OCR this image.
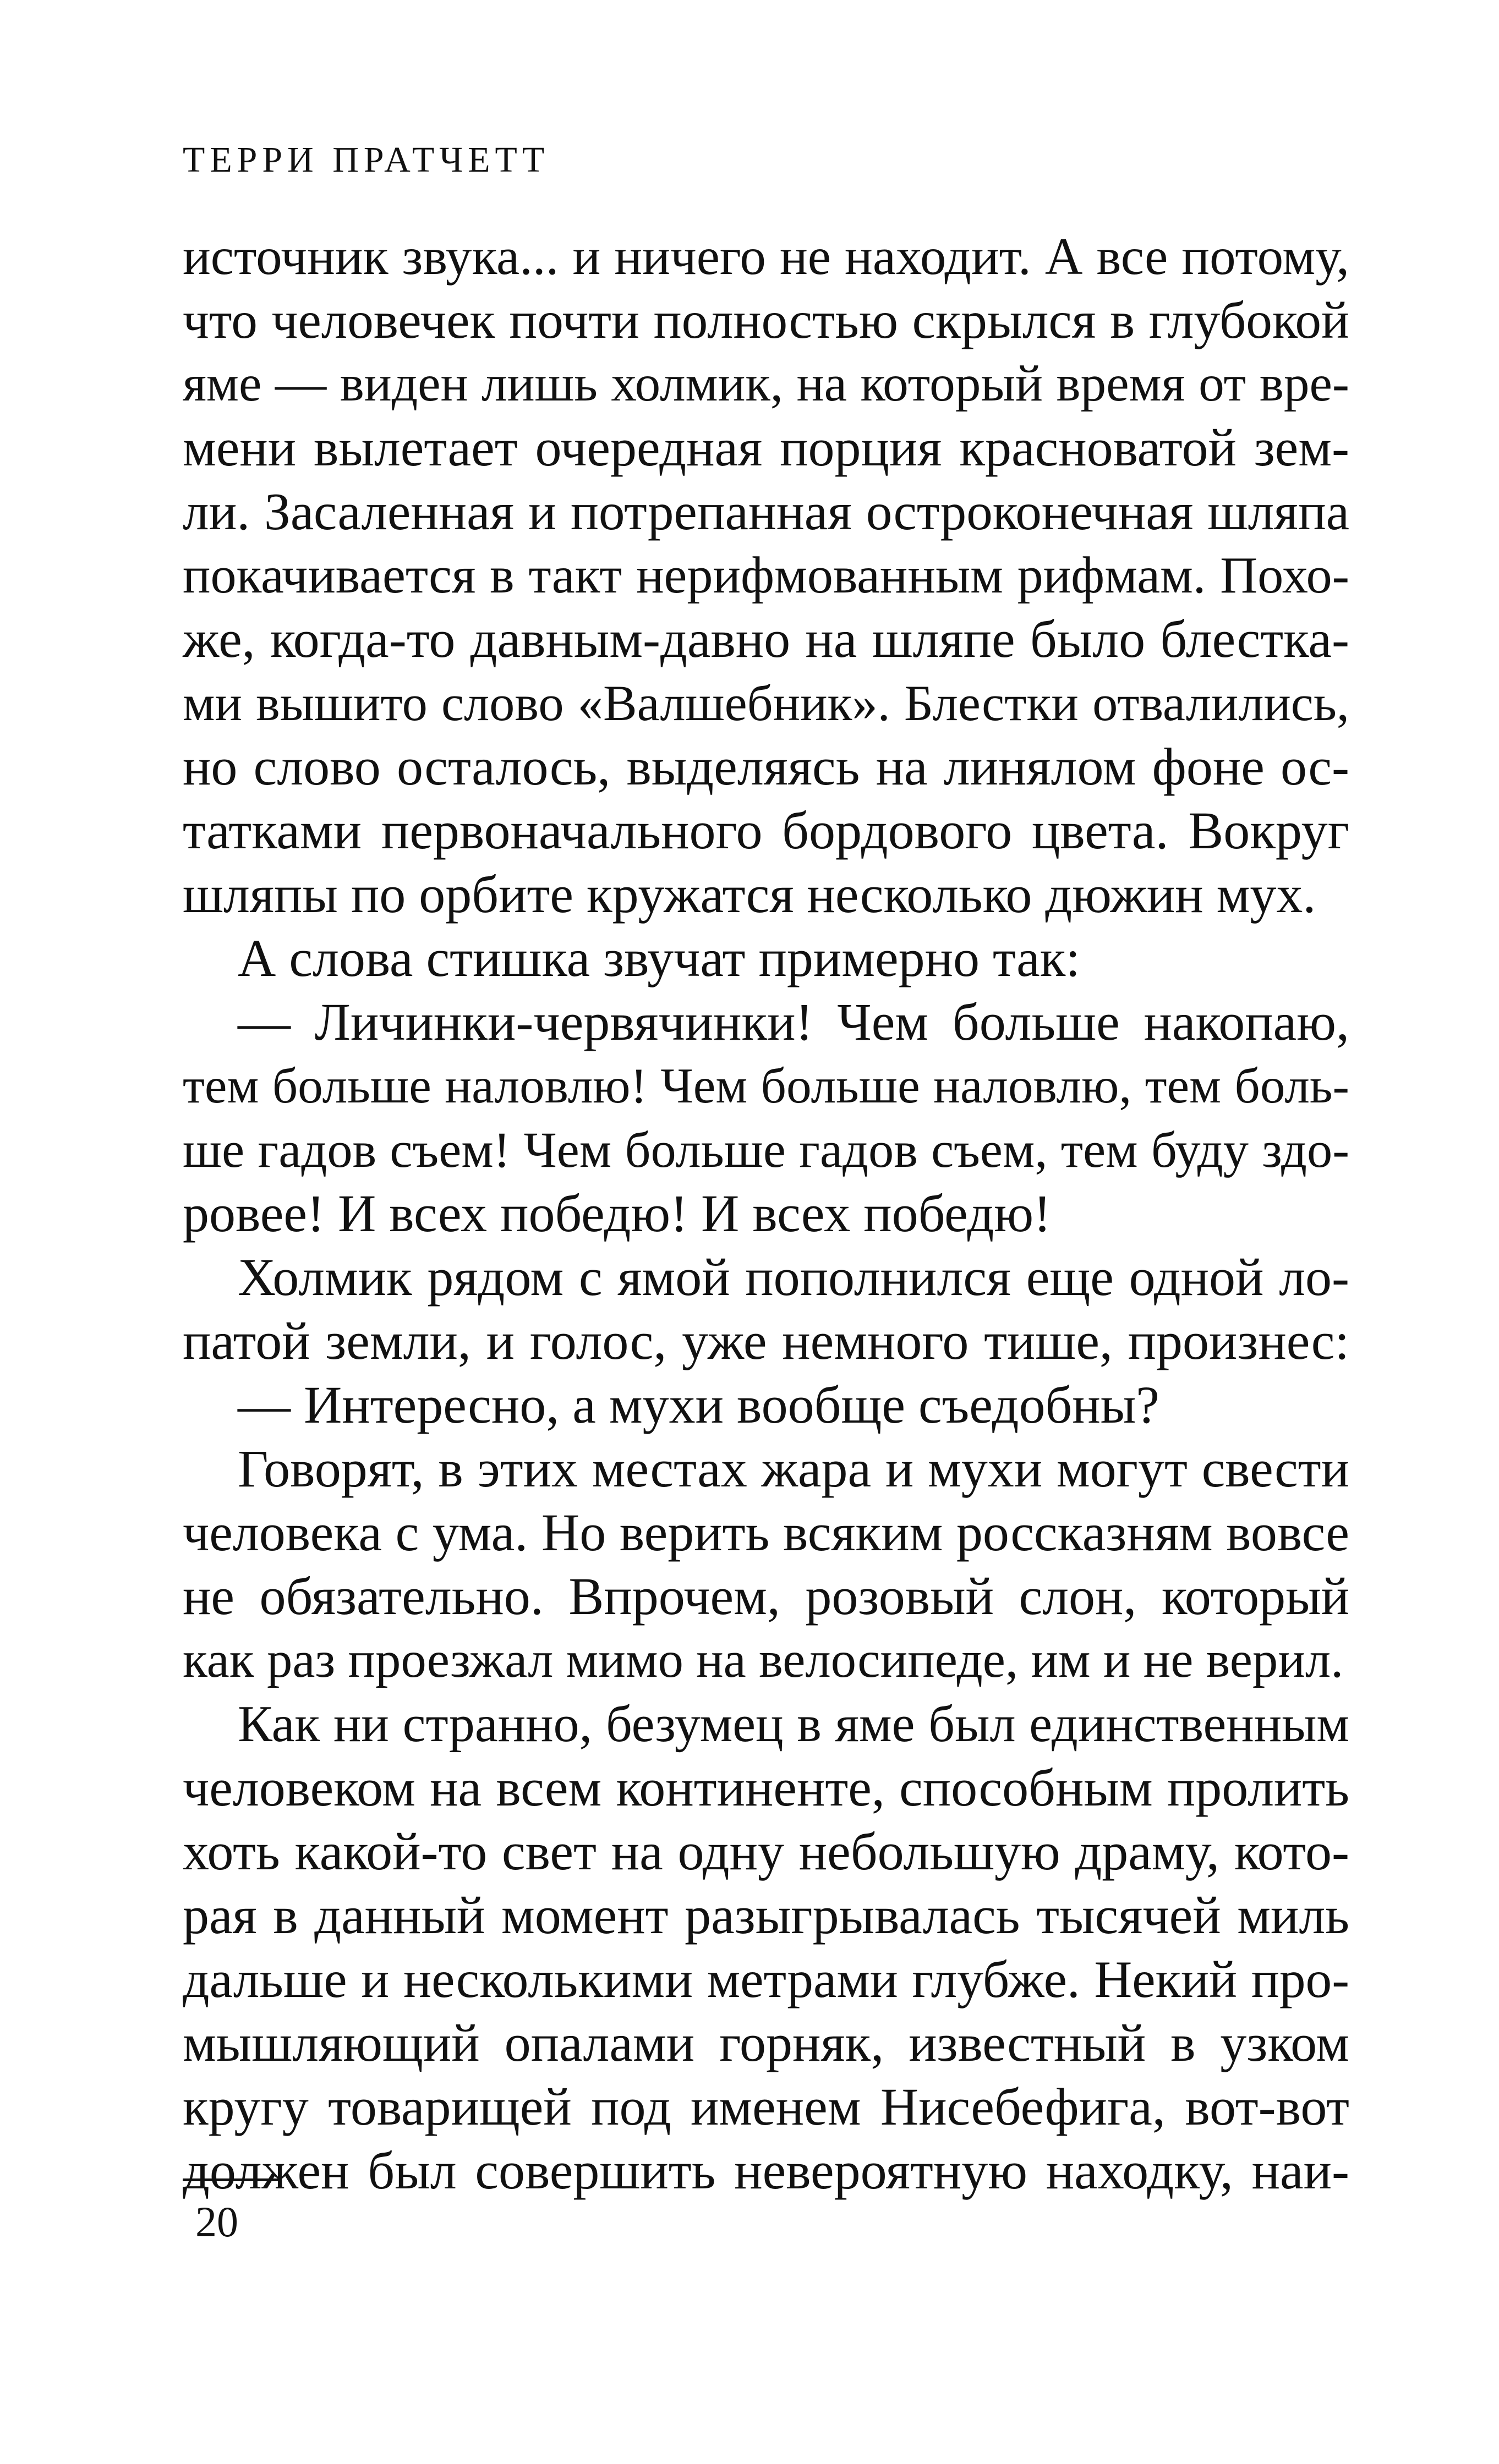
ТЕРРИ ПРАТЧЕТТ
источник звука... и ничего не находит. А все потому,
что человечек почти полностью скрылся в глубокой
яме — виден лишь холмик, на который время от вре-
мени вылетает очередная порция красноватой зем-
ли. Засаленная и потрепанная остроконечная шляпа
покачивается в такт нерифмованным рифмам. Похо-
же, когда-то давным-давно на шляпе было блестка-
ми вышито слово «Валшебник». Блестки отвалились,
но слово осталось, выделяясь на линялом фоне ос-
татками первоначального бордового цвета. Вокруг
шляпы по орбите кружатся несколько дюжин мух.
А слова стишка звучат примерно так:
— Личинки-червячинки! Чем больше накопаю,
тем больше наловлю! Чем больше наловлю, тем боль-
ше гадов съем! Чем больше гадов съем, тем буду здо-
ровее! И всех победю! И всех победю!
Холмик рядом с ямой пополнился еще одной ло-
патой земли, и голос, уже немного тише, произнес:
— Интересно, а мухи вообще съедобны?
Говорят, в этих местах жара и мухи могут свести
человека с ума. Но верить всяким россказням вовсе
не обязательно. Впрочем, розовый слон, который
как раз проезжал мимо на велосипеде, им и не верил.
Как ни странно, безумец в яме был единственным
человеком на всем континенте, способным пролить
хоть какой-то свет на одну небольшую драму, кото-
рая в данный момент разыгрывалась тысячей миль
дальше и несколькими метрами глубже. Некий про-
мышляющий опалами горняк, известный в узком
кругу товарищей под именем Нисебефига, вот-вот
должен был совершить невероятную находку, наи-
20
